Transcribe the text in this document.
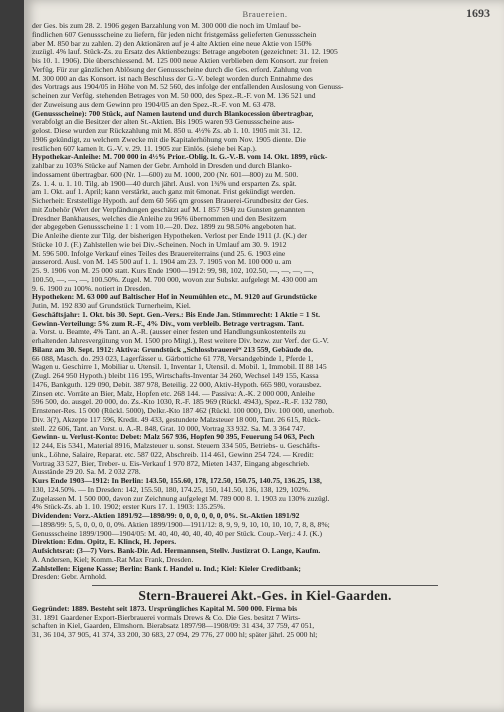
Brauereien.	1693

der Ges. bis zum 28. 2. 1906 gegen Barzahlung von M. 300 000 die noch im Umlauf be-

findlichen 607 Genussscheine zu liefern, für jeden nicht fristgemäss gelieferten Genussschein

aber M. 850 bar zu zahlen. 2) den Aktionären auf je 4 alte Aktien eine neue Aktie von 150%

zuzügl. 4% lauf. Stück-Zs. zu Ersatz des Aktienbezugs: Betrage angeboten (gezeichnet: 31. 12. 1905

bis 10. 1. 1906). Die überschiessend. M. 125 000 neue Aktien verblieben dem Konsort. zur freien

Verfüg. Für zur gänzlichen Ablösung der Genussscheine durch die Ges. erford. Zahlung von

M. 300 000 an das Konsort. ist nach Beschluss der G.-V. belegt worden durch Entnahme des

des Vortrags aus 1904/05 in Höhe von M. 52 560, des infolge der entfallenden Auslosung von Genuss-

scheinen zur Verfüg. stehenden Betrages von M. 50 000, des Spez.-R.-F. von M. 136 521 und

der Zuweisung aus dem Gewinn pro 1904/05 an den Spez.-R.-F. von M. 63 478.

(Genussscheine): 700 Stück, auf Namen lautend und durch Blankocession übertragbar,

verabfolgt an die Besitzer der alten St.-Aktien. Bis 1905 waren 93 Genussscheine aus-

gelost. Diese wurden zur Rückzahlung mit M. 850 u. 4½% Zs. ab 1. 10. 1905 mit 31. 12.

1906 gekündigt, zu welchem Zwecke mit die Kapitalerhöhung vom Nov. 1905 diente. Die

restlichen 607 kamen lt. G.-V. v. 29. 11. 1905 zur Einlös. (siehe bei Kap.).

Hypothekar-Anleihe: M. 700 000 in 4½% Prior.-Oblig. lt. G.-V.-B. vom 14. Okt. 1899, rück-

zahlbar zu 103% Stücke auf Namen der Gebr. Arnhold in Dresden und durch Blanko-

indossament übertragbar. 600 (Nr. 1—600) zu M. 1000, 200 (Nr. 601—800) zu M. 500.

Zs. 1. 4. u. 1. 10. Tilg. ab 1900—40 durch jährl. Ausl. von 1¾% und ersparten Zs. spät.

am 1. Okt. auf 1. April; kann verstärkt, auch ganz mit 6monat. Frist gekündigt werden.

Sicherheit: Erststellige Hypoth. auf dem 60 566 qm grossen Brauerei-Grundbesitz der Ges.

mit Zubehör (Wert der Verpfändungen geschätzt auf M. 1 857 594) zu Gunsten genannten

Dresdner Bankhauses, welches die Anleihe zu 96% übernommen und den Besitzern

der abgegeben Genussscheine 1 : 1 vom 10.—20. Dez. 1899 zu 98.50% angeboten hat.

Die Anleihe diente zur Tilg. der bisherigen Hypotheken. Verlost per Ende 1911 (J. (K.) der

Stücke 10 J. (F.) Zahlstellen wie bei Div.-Scheinen. Noch in Umlauf am 30. 9. 1912

M. 596 500. Infolge Verkauf eines Teiles des Brauereiterrains (und 25. 6. 1903 eine

ausserord. Ausl. von M. 145 500 auf 1. 1. 1904 am 23. 7. 1905 von M. 100 000 u. am

25. 9. 1906 von M. 25 000 statt. Kurs Ende 1900—1912: 99, 98, 102, 102.50, —, —, —, —,

100.50, —, —, —, 100.50%. Zugel. M. 700 000, wovon zur Subskr. aufgelegt M. 430 000 am

9. 6. 1900 zu 100%. notiert in Dresden.

Hypotheken: M. 63 000 auf Baltischer Hof in Neumühlen etc., M. 9120 auf Grundstücke

Jutin, M. 192 830 auf Grundstück Turnerheim, Kiel.

Geschäftsjahr: 1. Okt. bis 30. Sept. Gen.-Vers.: Bis Ende Jan. Stimmrecht: 1 Aktie = 1 St.

Gewinn-Verteilung: 5% zum R.-F., 4% Div., vom verbleib. Betrage vertragsm. Tant.

a. Vorst. u. Beamte, 4% Tant. an A.-R. (ausser einer festen und Handlungsunkostenteils zu

erhaltenden Jahresvergütung von M. 1500 pro Mitgl.), Rest weitere Div. bezw. zur Verf. der G.-V.

Bilanz am 30. Sept. 1912: Aktiva: Grundstück „Schlossbrauerei“ 213 559, Gebäude do.

66 088, Masch. do. 293 023, Lagerfässer u. Gärbottiche 61 778, Versandgebinde 1, Pferde 1,

Wagen u. Geschirre 1, Mobiliar u. Utensil. 1, Inventar 1, Utensil. d. Mobil. 1, Immobil. II 88 145

(Zugl. 264 950 Hypoth.) bleibt 116 195, Wirtschafts-Inventar 34 260, Wechsel 149 155, Kassa

1476, Bankguth. 129 090, Debit. 387 978, Beteilig. 22 000, Aktiv-Hypoth. 665 980, vorausbez.

Zinsen etc. Vorräte an Bier, Malz, Hopfen etc. 268 144. — Passiva: A.-K. 2 000 000, Anleihe

596 500, do. ausgel. 20 000, do. Zs.-Kto 1030, R.-F. 185 969 (Rückl. 4943), Spez.-R.-F. 132 780,

Ernstener-Res. 15 000 (Rückl. 5000), Delkr.-Kto 187 462 (Rückl. 100 000), Div. 100 000, unerhob.

Div. 3(?), Akzepte 117 596, Kredit. 49 433, gestundete Malzsteuer 18 000, Tant. 26 615, Rück-

stell. 22 606, Tant. an Vorst. u. A.-R. 848, Grat. 10 000, Vortrag 33 932. Sa. M. 3 364 747.

Gewinn- u. Verlust-Konto: Debet: Malz 567 936, Hopfen 90 395, Feuerung 54 063, Pech

12 244, Eis 5341, Material 8916, Malzsteuer u. sonst. Steuern 334 505, Betriebs- u. Geschäfts-

unk., Löhne, Salaire, Reparat. etc. 587 022, Abschreib. 114 461, Gewinn 254 724. — Kredit:

Vortrag 33 527, Bier, Treber- u. Eis-Verkauf 1 970 872, Mieten 1437, Eingang abgeschrieb.

Ausstände 29 20. Sa. M. 2 032 278.

Kurs Ende 1903—1912: In Berlin: 143.50, 155.60, 178, 172.50, 150.75, 140.75, 136.25, 138,

130, 124.50%. — In Dresden: 142, 155.50, 180, 174.25, 150, 141.50, 136, 138, 129, 102%.

Zugelassen M. 1 500 000, davon zur Zeichnung aufgelegt M. 789 000 8. 1. 1903 zu 130% zuzügl.

4% Stück-Zs. ab 1. 10. 1902; erster Kurs 17. 1. 1903: 135.25%.

Dividenden: Vorz.-Aktien 1891/92—1898/99: 0, 0, 0, 0, 0, 0, 0%. St.-Aktien 1891/92

—1898/99: 5, 5, 0, 0, 0, 0, 0%. Aktien 1899/1900—1911/12: 8, 9, 9, 9, 10, 10, 10, 10, 7, 8, 8, 8%;

Genussscheine 1899/1900—1904/05: M. 40, 40, 40, 40, 40, 40 per Stück. Coup.-Verj.: 4 J. (K.)

Direktion: Edm. Opitz, E. Klinck, H. Jepers.

Aufsichtsrat: (3—7) Vors. Bank-Dir. Ad. Hermannsen, Stellv. Justizrat O. Lange, Kaufm.

A. Andersen, Kiel; Komm.-Rat Max Frank, Dresden.

Zahlstellen: Eigene Kasse; Berlin: Bank f. Handel u. Ind.; Kiel: Kieler Creditbank;

Dresden: Gebr. Arnhold.

Stern-Brauerei Akt.-Ges. in Kiel-Gaarden.

Gegründet: 1889. Besteht seit 1873. Ursprüngliches Kapital M. 500 000. Firma bis

31. 1891 Gaardener Export-Bierbrauerei vormals Drews & Co. Die Ges. besitzt 7 Wirts-

schaften in Kiel, Gaarden, Elmshorn. Bierabsatz 1897/98—1908/09: 31 434, 37 759, 47 051,

31, 36 104, 37 905, 41 374, 33 200, 30 683, 27 094, 29 776, 27 000 hl; später jährl. 25 000 hl;
